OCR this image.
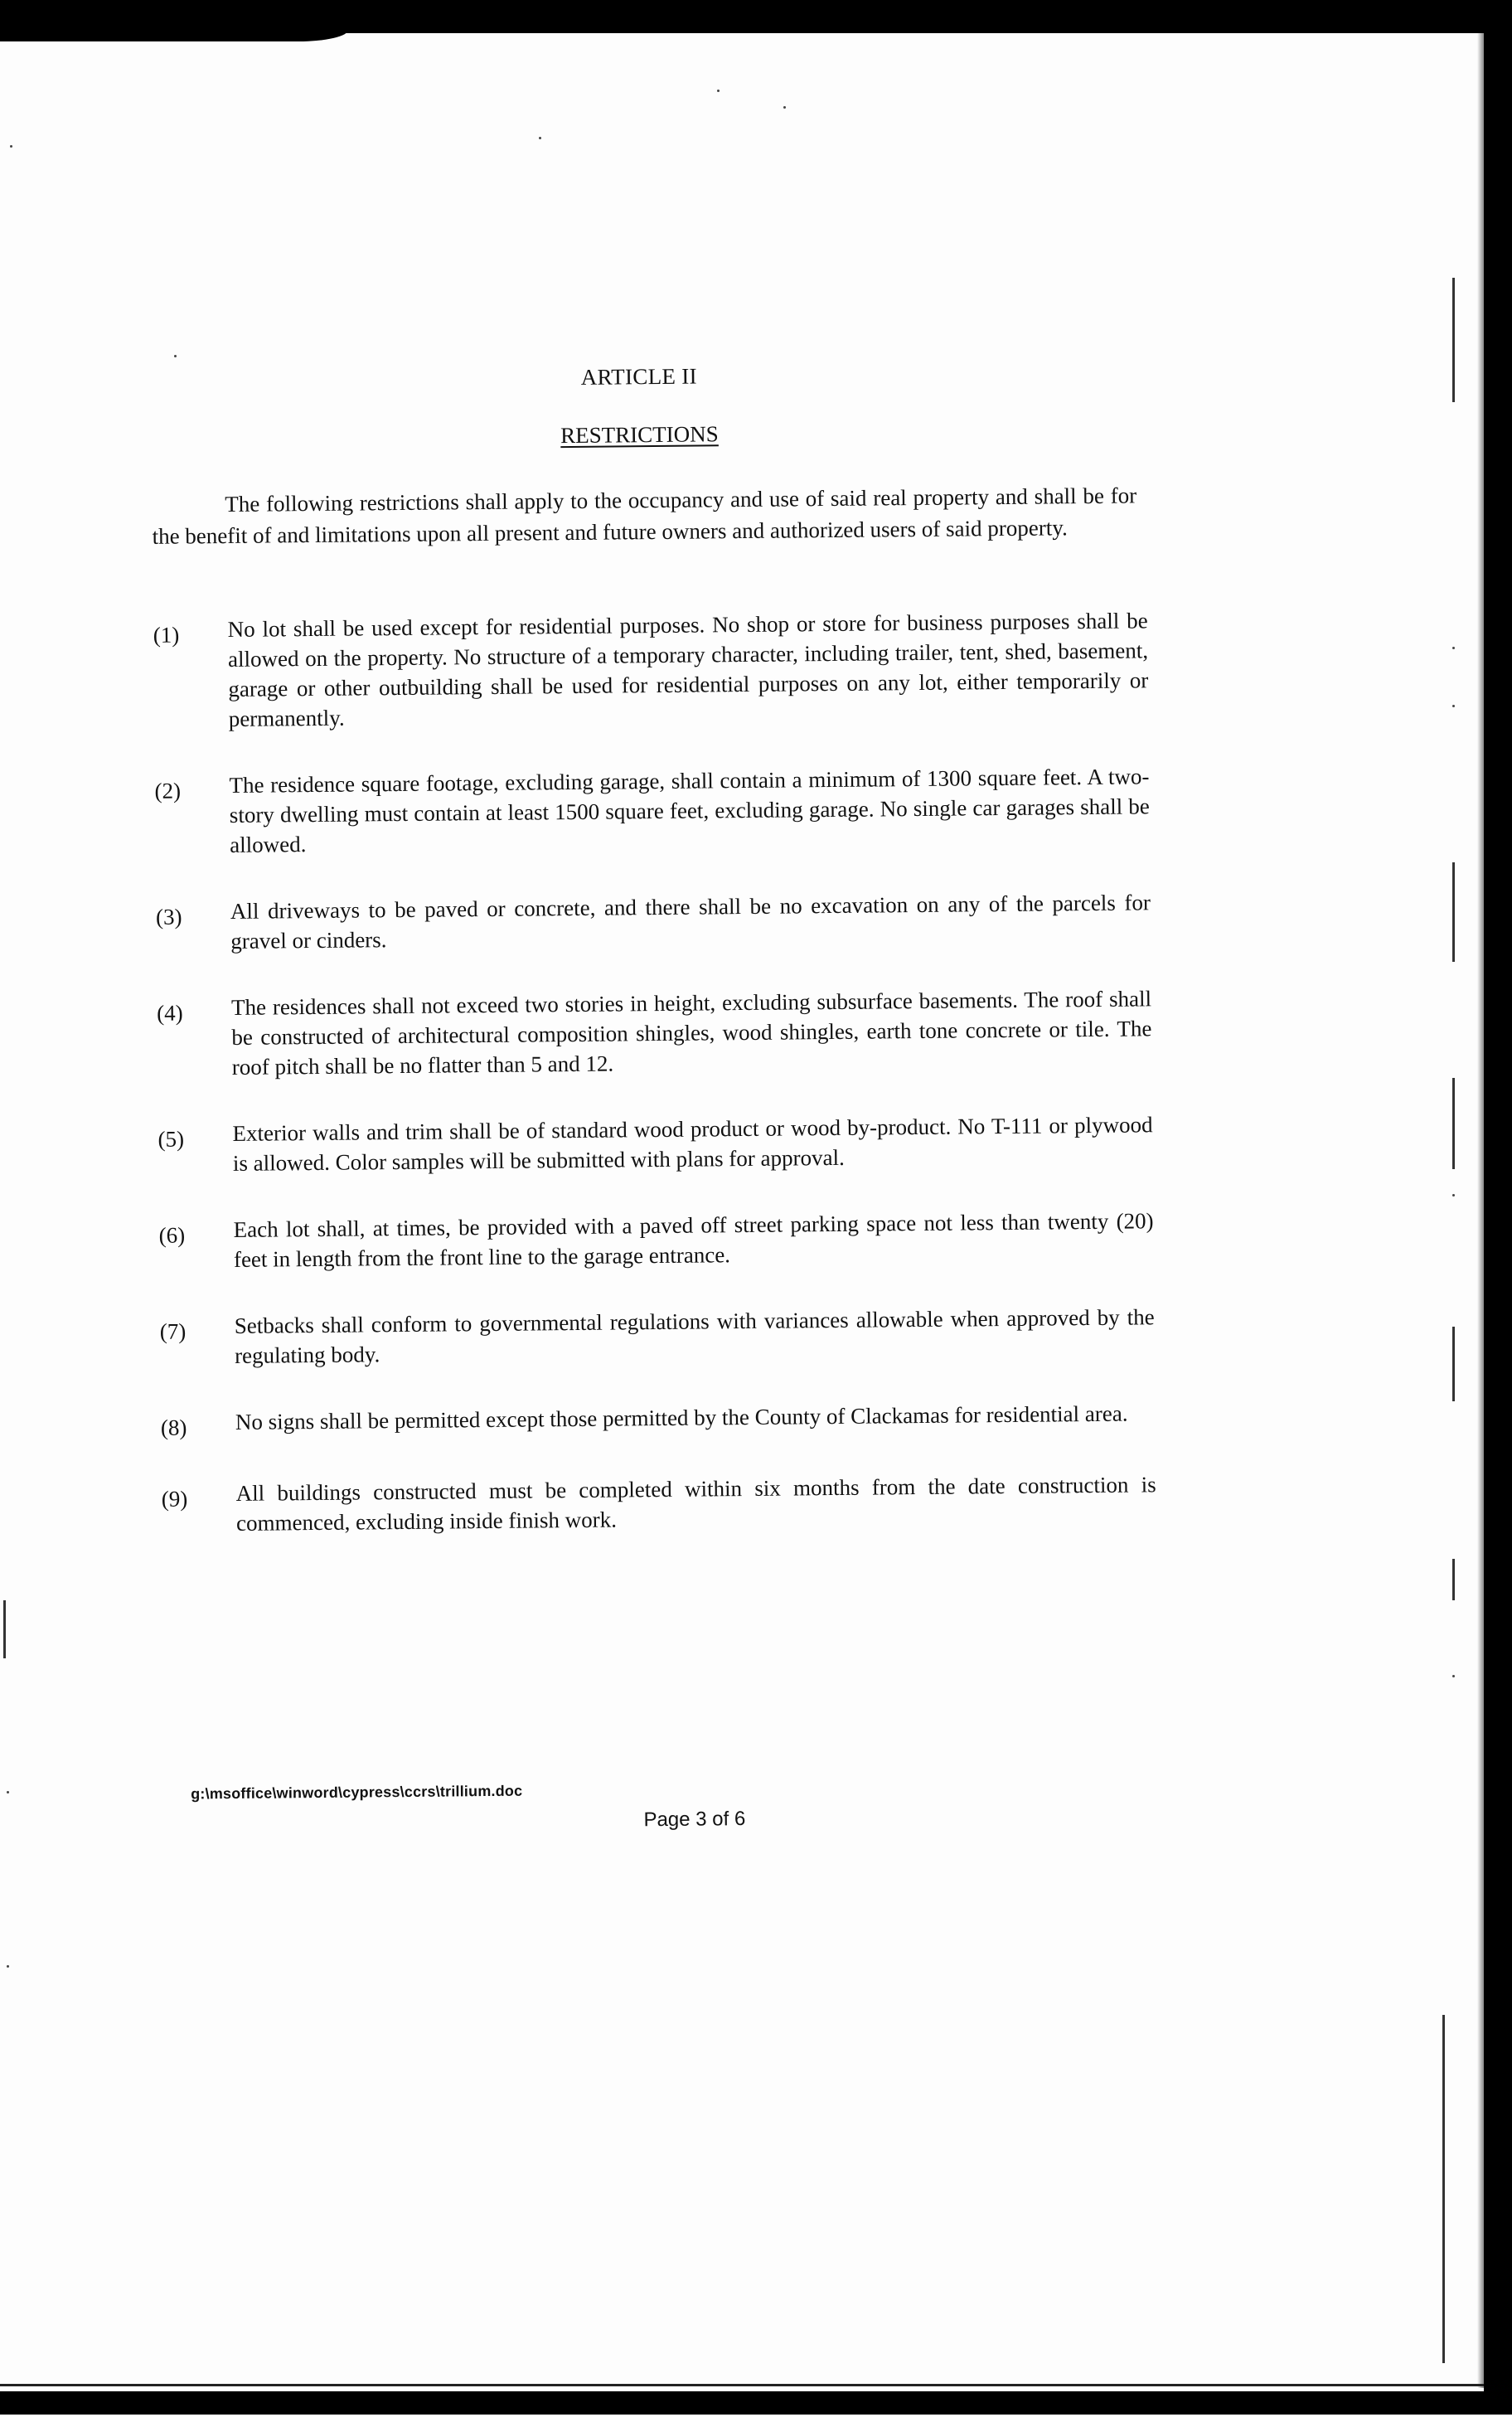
ARTICLE II
RESTRICTIONS
The following restrictions shall apply to the occupancy and use of said real property and shall be for the benefit of and limitations upon all present and future owners and authorized users of said property.
(1)	No lot shall be used except for residential purposes. No shop or store for business purposes shall be allowed on the property. No structure of a temporary character, including trailer, tent, shed, basement, garage or other outbuilding shall be used for residential purposes on any lot, either temporarily or permanently.
(2)	The residence square footage, excluding garage, shall contain a minimum of 1300 square feet. A two-story dwelling must contain at least 1500 square feet, excluding garage. No single car garages shall be allowed.
(3)	All driveways to be paved or concrete, and there shall be no excavation on any of the parcels for gravel or cinders.
(4)	The residences shall not exceed two stories in height, excluding subsurface basements. The roof shall be constructed of architectural composition shingles, wood shingles, earth tone concrete or tile. The roof pitch shall be no flatter than 5 and 12.
(5)	Exterior walls and trim shall be of standard wood product or wood by-product. No T-111 or plywood is allowed. Color samples will be submitted with plans for approval.
(6)	Each lot shall, at times, be provided with a paved off street parking space not less than twenty (20) feet in length from the front line to the garage entrance.
(7)	Setbacks shall conform to governmental regulations with variances allowable when approved by the regulating body.
(8)	No signs shall be permitted except those permitted by the County of Clackamas for residential area.
(9)	All buildings constructed must be completed within six months from the date construction is commenced, excluding inside finish work.
g:\msoffice\winword\cypress\ccrs\trillium.doc
Page 3 of 6
